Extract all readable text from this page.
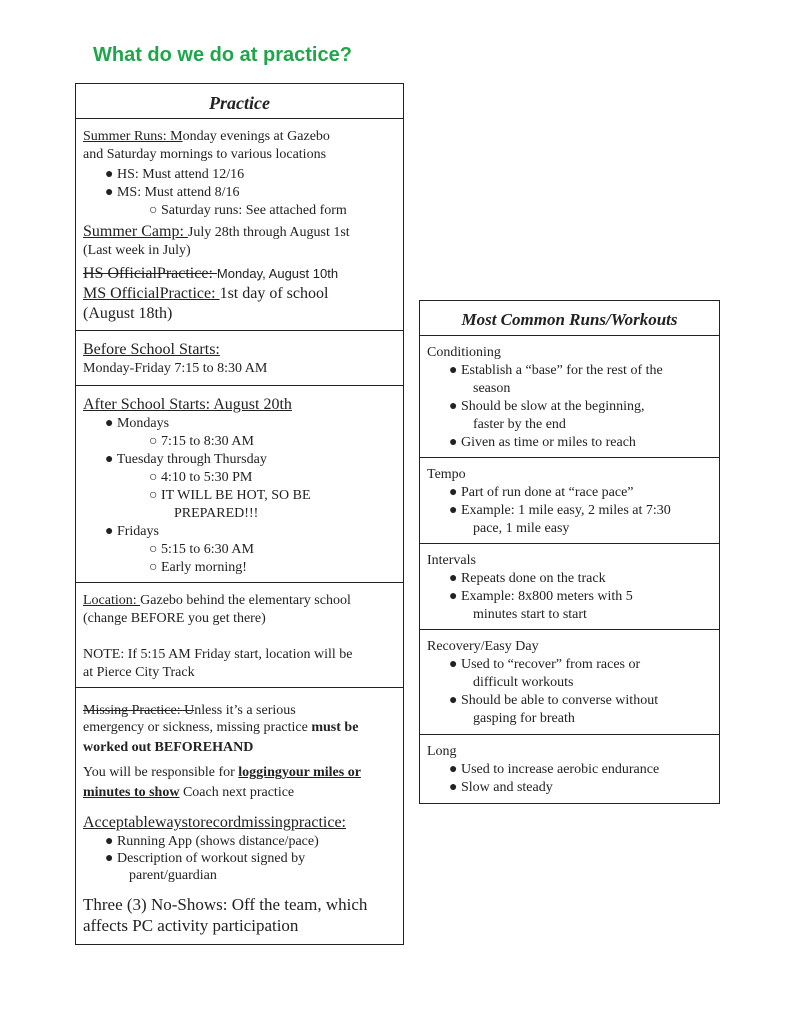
What do we do at practice?
Practice
Summer Runs: Monday evenings at Gazebo
and Saturday mornings to various locations
● HS: Must attend 12/16
● MS: Must attend 8/16
○ Saturday runs: See attached form
Summer Camp: July 28th through August 1st
(Last week in July)
HS OfficialPractice: Monday, August 10th
MS OfficialPractice: 1st day of school
(August 18th)
Before School Starts:
Monday-Friday 7:15 to 8:30 AM
After School Starts: August 20th
● Mondays
○ 7:15 to 8:30 AM
● Tuesday through Thursday
○ 4:10 to 5:30 PM
○ IT WILL BE HOT, SO BE
PREPARED!!!
● Fridays
○ 5:15 to 6:30 AM
○ Early morning!
Location: Gazebo behind the elementary school
(change BEFORE you get there)
NOTE: If 5:15 AM Friday start, location will be
at Pierce City Track
Missing Practice: Unless it’s a serious
emergency or sickness, missing practice must be
worked out BEFOREHAND
You will be responsible for loggingyour miles or
minutes to show Coach next practice
Acceptablewaystorecordmissingpractice:
● Running App (shows distance/pace)
● Description of workout signed by
parent/guardian
Three (3) No-Shows: Off the team, which
affects PC activity participation
Most Common Runs/Workouts
Conditioning
● Establish a “base” for the rest of the
season
● Should be slow at the beginning,
faster by the end
● Given as time or miles to reach
Tempo
● Part of run done at “race pace”
● Example: 1 mile easy, 2 miles at 7:30
pace, 1 mile easy
Intervals
● Repeats done on the track
● Example: 8x800 meters with 5
minutes start to start
Recovery/Easy Day
● Used to “recover” from races or
difficult workouts
● Should be able to converse without
gasping for breath
Long
● Used to increase aerobic endurance
● Slow and steady
